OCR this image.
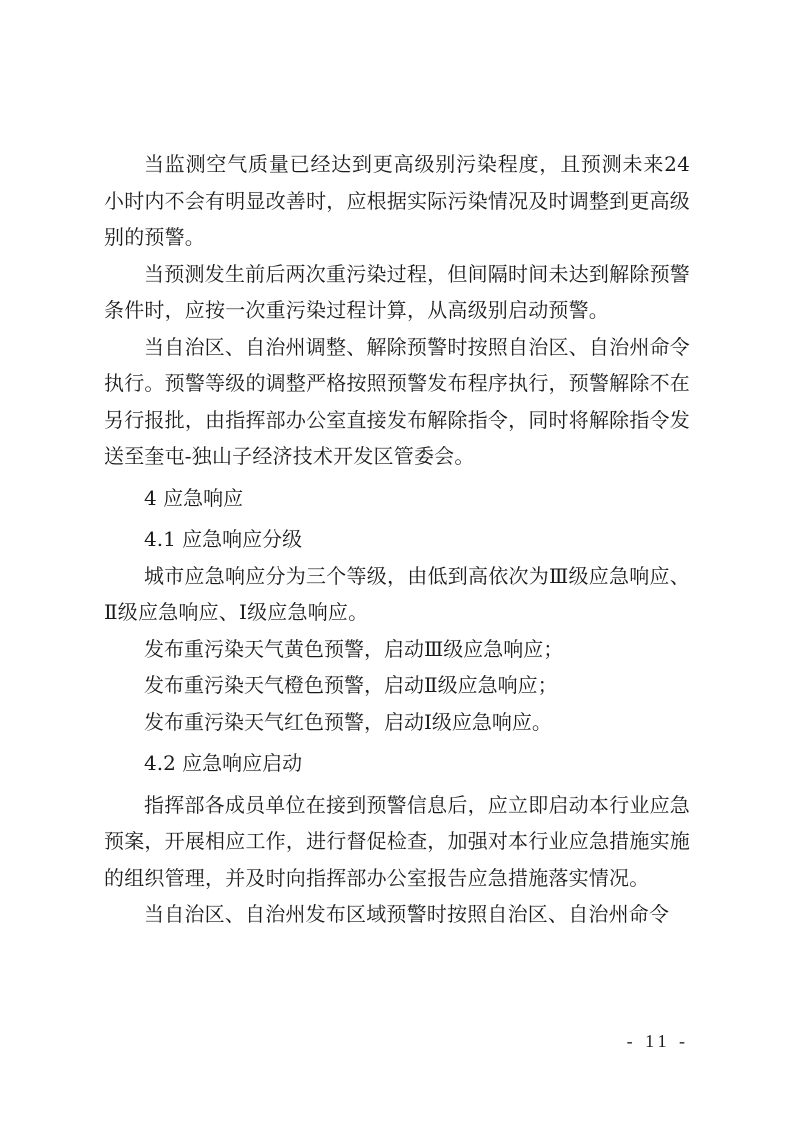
当监测空气质量已经达到更高级别污染程度，且预测未来24小时内不会有明显改善时，应根据实际污染情况及时调整到更高级别的预警。

当预测发生前后两次重污染过程，但间隔时间未达到解除预警条件时，应按一次重污染过程计算，从高级别启动预警。

当自治区、自治州调整、解除预警时按照自治区、自治州命令执行。预警等级的调整严格按照预警发布程序执行，预警解除不在另行报批，由指挥部办公室直接发布解除指令，同时将解除指令发送至奎屯-独山子经济技术开发区管委会。

4 应急响应

4.1 应急响应分级

城市应急响应分为三个等级，由低到高依次为Ⅲ级应急响应、Ⅱ级应急响应、Ⅰ级应急响应。

发布重污染天气黄色预警，启动Ⅲ级应急响应；

发布重污染天气橙色预警，启动Ⅱ级应急响应；

发布重污染天气红色预警，启动Ⅰ级应急响应。

4.2 应急响应启动

指挥部各成员单位在接到预警信息后，应立即启动本行业应急预案，开展相应工作，进行督促检查，加强对本行业应急措施实施的组织管理，并及时向指挥部办公室报告应急措施落实情况。

当自治区、自治州发布区域预警时按照自治区、自治州命令

- 11 -
